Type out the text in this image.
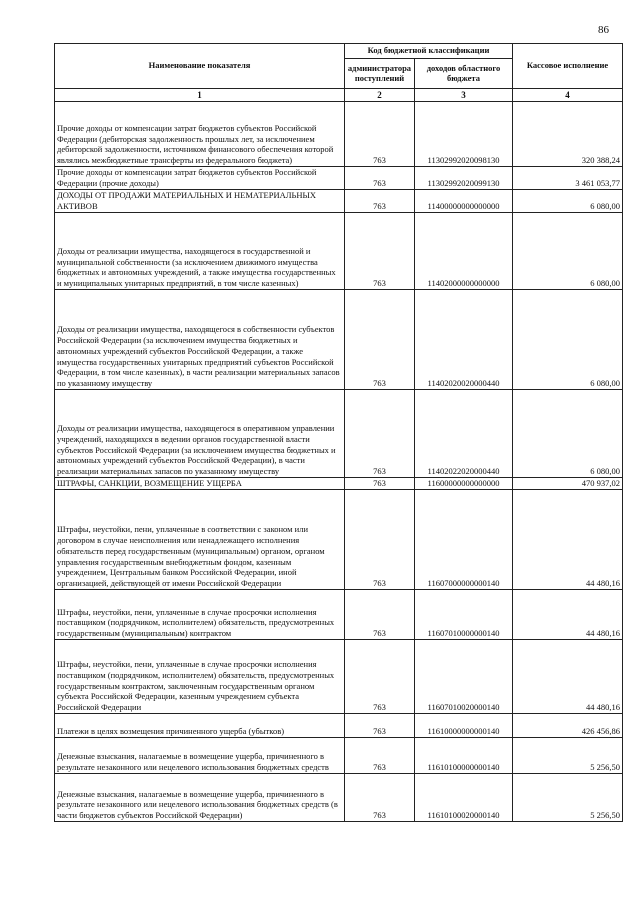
86
Наименование показателя	Код бюджетной классификации		Кассовое исполнение
	администратора поступлений	доходов областного бюджета	
1	2	3	4
Прочие доходы от компенсации затрат бюджетов субъектов Российской Федерации (дебиторская задолженность прошлых лет, за исключением дебиторской задолженности, источником финансового обеспечения которой являлись межбюджетные трансферты из федерального бюджета)	763	11302992020098130	320 388,24
Прочие доходы от компенсации затрат бюджетов субъектов Российской Федерации (прочие доходы)	763	11302992020099130	3 461 053,77
ДОХОДЫ ОТ ПРОДАЖИ МАТЕРИАЛЬНЫХ И НЕМАТЕРИАЛЬНЫХ АКТИВОВ	763	11400000000000000	6 080,00
Доходы от реализации имущества, находящегося в государственной и муниципальной собственности (за исключением движимого имущества бюджетных и автономных учреждений, а также имущества государственных и муниципальных унитарных предприятий, в том числе казенных)	763	11402000000000000	6 080,00
Доходы от реализации имущества, находящегося в собственности субъектов Российской Федерации (за исключением имущества бюджетных и автономных учреждений субъектов Российской Федерации, а также имущества государственных унитарных предприятий субъектов Российской Федерации, в том числе казенных), в части реализации материальных запасов по указанному имуществу	763	11402020020000440	6 080,00
Доходы от реализации имущества, находящегося в оперативном управлении учреждений, находящихся в ведении органов государственной власти субъектов Российской Федерации (за исключением имущества бюджетных и автономных учреждений субъектов Российской Федерации), в части реализации материальных запасов по указанному имуществу	763	11402022020000440	6 080,00
ШТРАФЫ, САНКЦИИ, ВОЗМЕЩЕНИЕ УЩЕРБА	763	11600000000000000	470 937,02
Штрафы, неустойки, пени, уплаченные в соответствии с законом или договором в случае неисполнения или ненадлежащего исполнения обязательств перед государственным (муниципальным) органом, органом управления государственным внебюджетным фондом, казенным учреждением, Центральным банком Российской Федерации, иной организацией, действующей от имени Российской Федерации	763	11607000000000140	44 480,16
Штрафы, неустойки, пени, уплаченные в случае просрочки исполнения поставщиком (подрядчиком, исполнителем) обязательств, предусмотренных государственным (муниципальным) контрактом	763	11607010000000140	44 480,16
Штрафы, неустойки, пени, уплаченные в случае просрочки исполнения поставщиком (подрядчиком, исполнителем) обязательств, предусмотренных государственным контрактом, заключенным государственным органом субъекта Российской Федерации, казенным учреждением субъекта Российской Федерации	763	11607010020000140	44 480,16
Платежи в целях возмещения причиненного ущерба (убытков)	763	11610000000000140	426 456,86
Денежные взыскания, налагаемые в возмещение ущерба, причиненного в результате незаконного или нецелевого использования бюджетных средств	763	11610100000000140	5 256,50
Денежные взыскания, налагаемые в возмещение ущерба, причиненного в результате незаконного или нецелевого использования бюджетных средств (в части бюджетов субъектов Российской Федерации)	763	11610100020000140	5 256,50
